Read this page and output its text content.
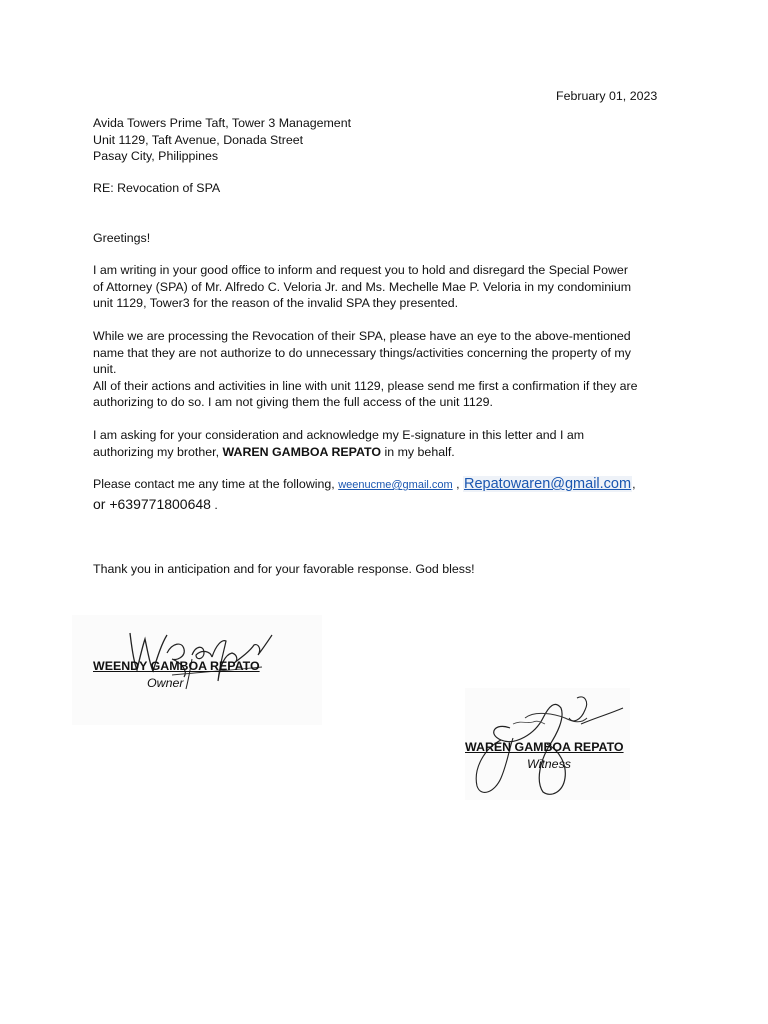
February 01, 2023
Avida Towers Prime Taft, Tower 3 Management
Unit 1129, Taft Avenue, Donada Street
Pasay City, Philippines
RE: Revocation of SPA
Greetings!
I am writing in your good office to inform and request you to hold and disregard the Special Power
of Attorney (SPA) of Mr. Alfredo C. Veloria Jr. and Ms. Mechelle Mae P. Veloria in my condominium
unit 1129, Tower3 for the reason of the invalid SPA they presented.
While we are processing the Revocation of their SPA, please have an eye to the above-mentioned
name that they are not authorize to do unnecessary things/activities concerning the property of my
unit.
All of their actions and activities in line with unit 1129, please send me first a confirmation if they are
authorizing to do so. I am not giving them the full access of the unit 1129.
I am asking for your consideration and acknowledge my E-signature in this letter and I am
authorizing my brother, WAREN GAMBOA REPATO in my behalf.
Please contact me any time at the following, weenucme@gmail.com , Repatowaren@gmail.com,
or +639771800648 .
Thank you in anticipation and for your favorable response. God bless!
WEENDY GAMBOA REPATO
Owner
WAREN GAMBOA REPATO
Witness
